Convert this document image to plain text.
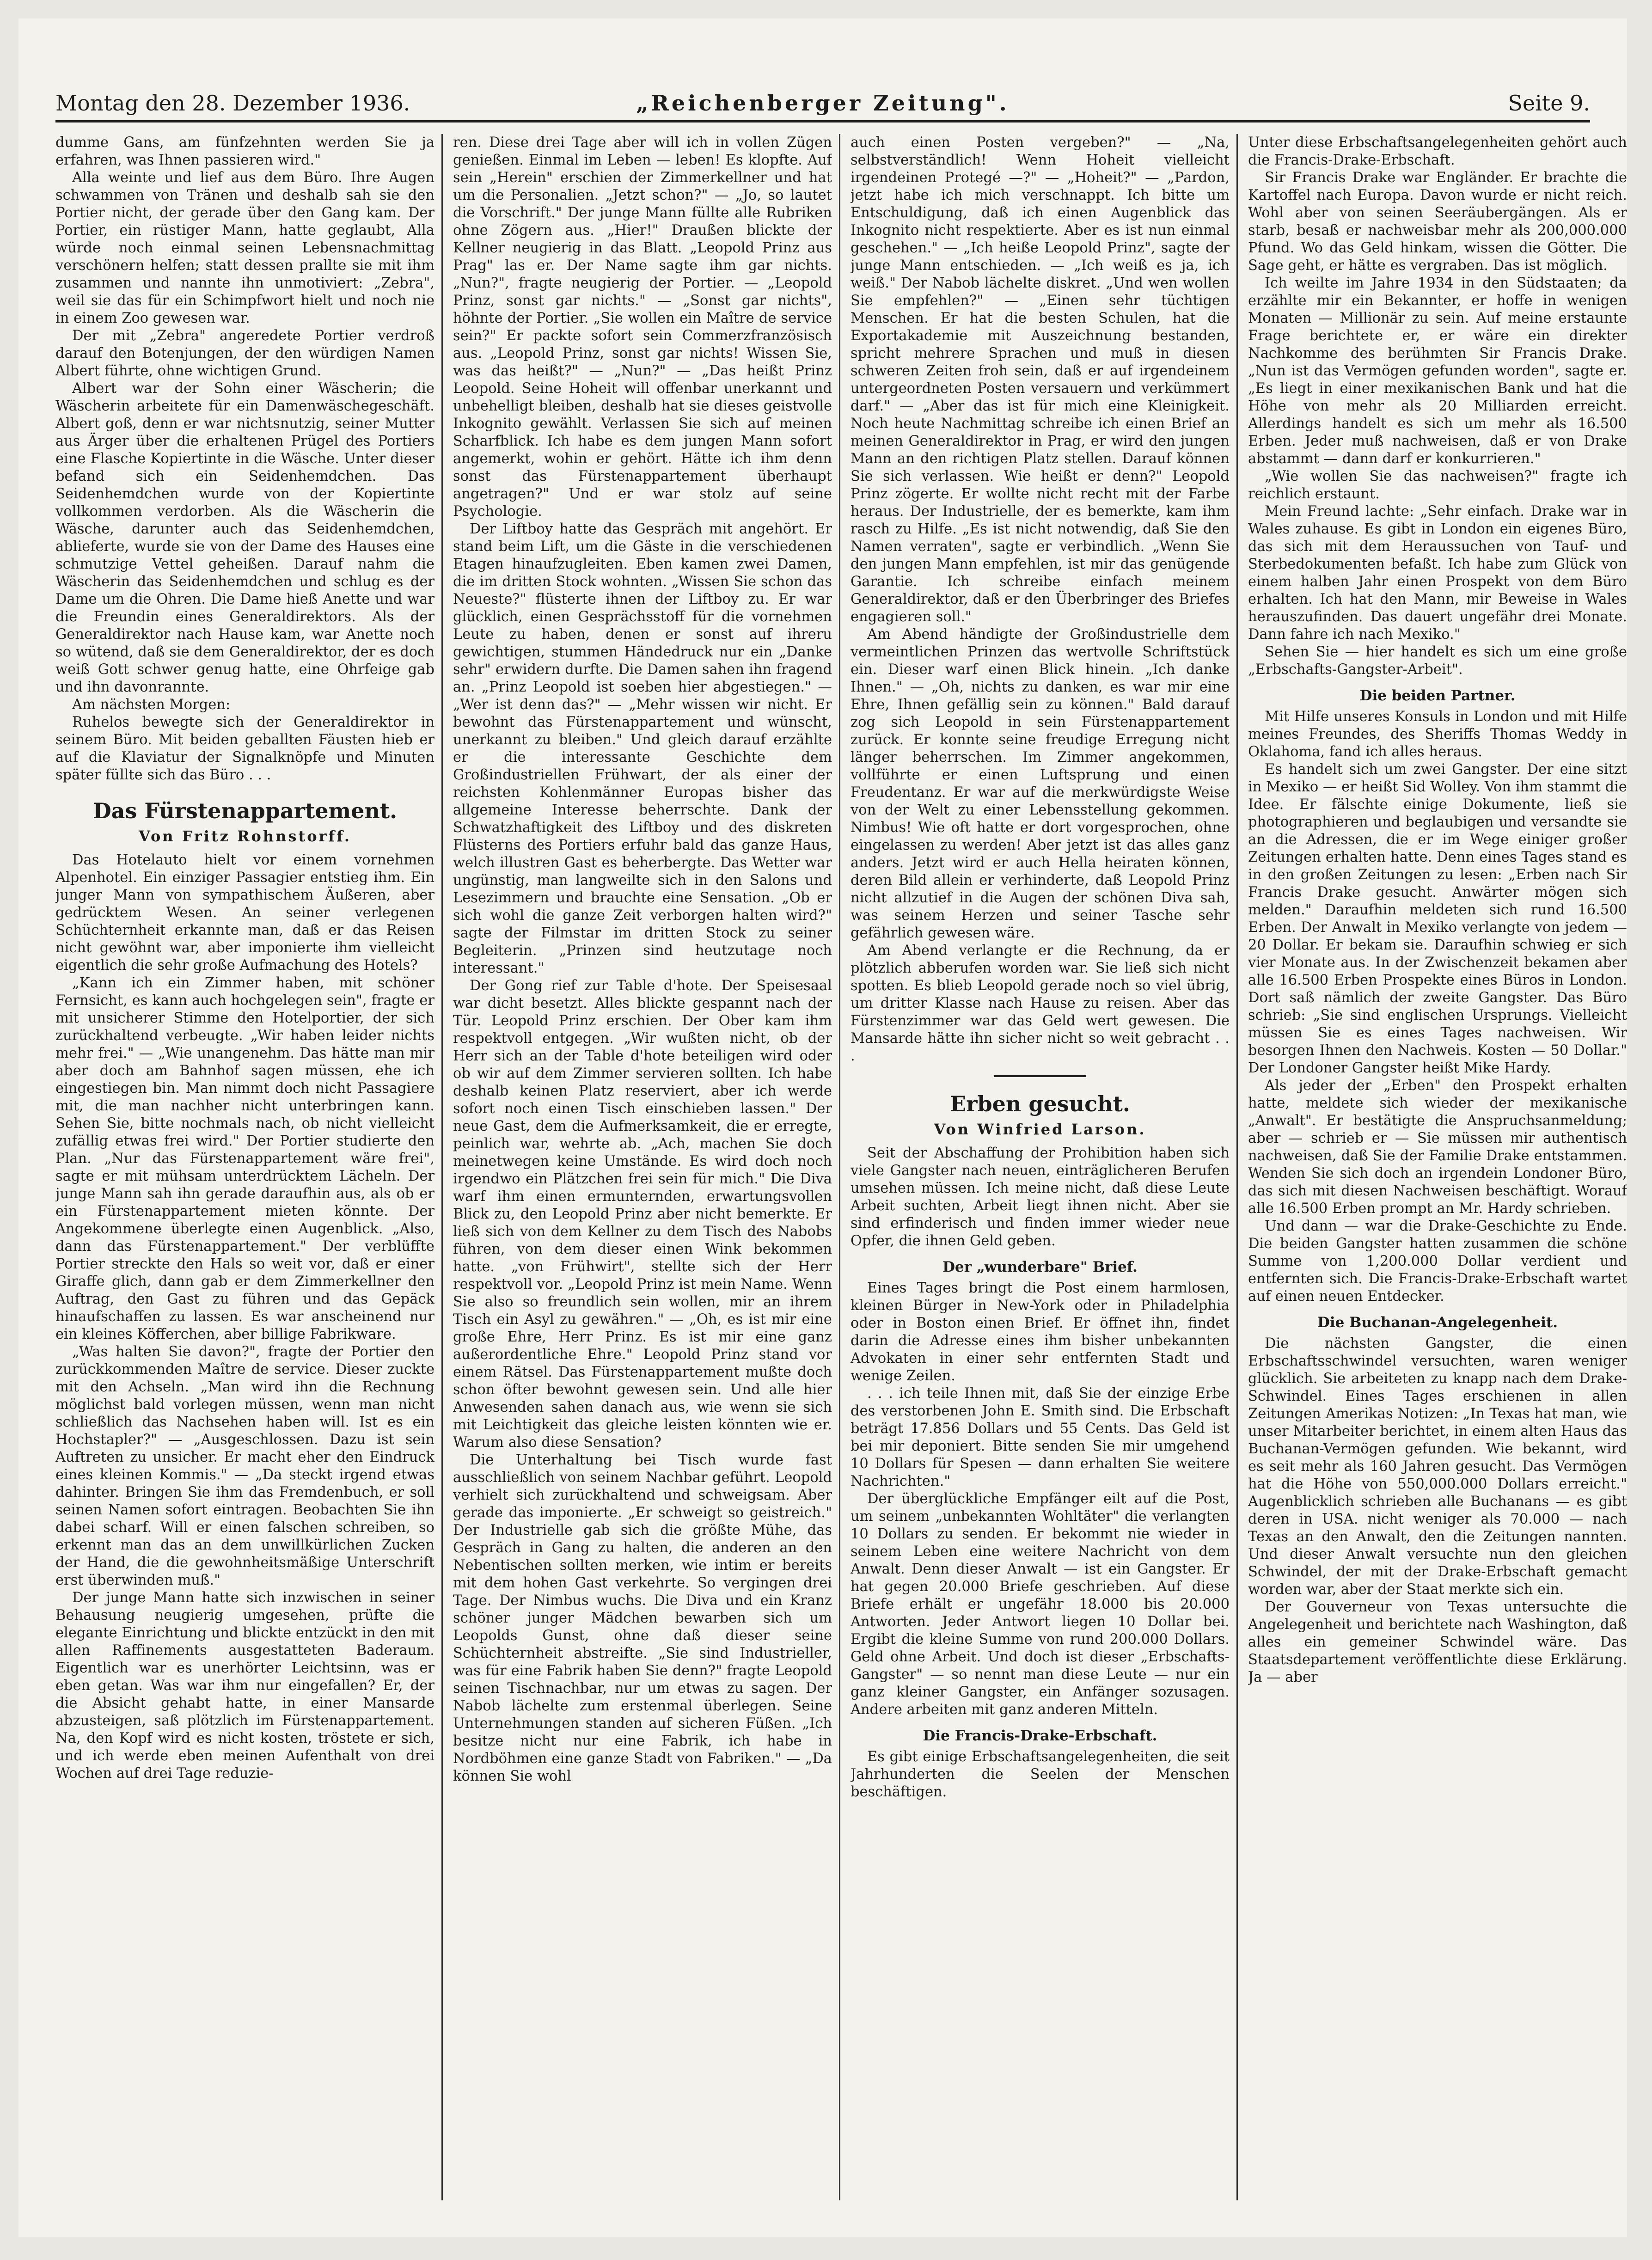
Montag den 28. Dezember 1936.	„Reichenberger Zeitung".	Seite 9.

dumme Gans, am fünfzehnten werden Sie ja erfahren, was Ihnen passieren wird."

Alla weinte und lief aus dem Büro. Ihre Augen schwammen von Tränen und deshalb sah sie den Portier nicht, der gerade über den Gang kam. Der Portier, ein rüstiger Mann, hatte geglaubt, Alla würde noch einmal seinen Lebensnachmittag verschönern helfen; statt dessen prallte sie mit ihm zusammen und nannte ihn unmotiviert: „Zebra", weil sie das für ein Schimpfwort hielt und noch nie in einem Zoo gewesen war.

Der mit „Zebra" angeredete Portier verdroß darauf den Botenjungen, der den würdigen Namen Albert führte, ohne wichtigen Grund.

Albert war der Sohn einer Wäscherin; die Wäscherin arbeitete für ein Damenwäschegeschäft. Albert goß, denn er war nichtsnutzig, seiner Mutter aus Ärger über die erhaltenen Prügel des Portiers eine Flasche Kopiertinte in die Wäsche. Unter dieser befand sich ein Seidenhemdchen. Das Seidenhemdchen wurde von der Kopiertinte vollkommen verdorben. Als die Wäscherin die Wäsche, darunter auch das Seidenhemdchen, ablieferte, wurde sie von der Dame des Hauses eine schmutzige Vettel geheißen. Darauf nahm die Wäscherin das Seidenhemdchen und schlug es der Dame um die Ohren. Die Dame hieß Anette und war die Freundin eines Generaldirektors. Als der Generaldirektor nach Hause kam, war Anette noch so wütend, daß sie dem Generaldirektor, der es doch weiß Gott schwer genug hatte, eine Ohrfeige gab und ihn davonrannte.

Am nächsten Morgen:

Ruhelos bewegte sich der Generaldirektor in seinem Büro. Mit beiden geballten Fäusten hieb er auf die Klaviatur der Signalknöpfe und Minuten später füllte sich das Büro . . .

Das Fürstenappartement.
Von Fritz Rohnstorff.

Das Hotelauto hielt vor einem vornehmen Alpenhotel. Ein einziger Passagier entstieg ihm. Ein junger Mann von sympathischem Äußeren, aber gedrücktem Wesen. An seiner verlegenen Schüchternheit erkannte man, daß er das Reisen nicht gewöhnt war, aber imponierte ihm vielleicht eigentlich die sehr große Aufmachung des Hotels?

„Kann ich ein Zimmer haben, mit schöner Fernsicht, es kann auch hochgelegen sein", fragte er mit unsicherer Stimme den Hotelportier, der sich zurückhaltend verbeugte. „Wir haben leider nichts mehr frei." — „Wie unangenehm. Das hätte man mir aber doch am Bahnhof sagen müssen, ehe ich eingestiegen bin. Man nimmt doch nicht Passagiere mit, die man nachher nicht unterbringen kann. Sehen Sie, bitte nochmals nach, ob nicht vielleicht zufällig etwas frei wird." Der Portier studierte den Plan. „Nur das Fürstenappartement wäre frei", sagte er mit mühsam unterdrücktem Lächeln. Der junge Mann sah ihn gerade daraufhin aus, als ob er ein Fürstenappartement mieten könnte. Der Angekommene überlegte einen Augenblick. „Also, dann das Fürstenappartement." Der verblüffte Portier streckte den Hals so weit vor, daß er einer Giraffe glich, dann gab er dem Zimmerkellner den Auftrag, den Gast zu führen und das Gepäck hinaufschaffen zu lassen. Es war anscheinend nur ein kleines Köfferchen, aber billige Fabrikware.

„Was halten Sie davon?", fragte der Portier den zurückkommenden Maître de service. Dieser zuckte mit den Achseln. „Man wird ihn die Rechnung möglichst bald vorlegen müssen, wenn man nicht schließlich das Nachsehen haben will. Ist es ein Hochstapler?" — „Ausgeschlossen. Dazu ist sein Auftreten zu unsicher. Er macht eher den Eindruck eines kleinen Kommis." — „Da steckt irgend etwas dahinter. Bringen Sie ihm das Fremdenbuch, er soll seinen Namen sofort eintragen. Beobachten Sie ihn dabei scharf. Will er einen falschen schreiben, so erkennt man das an dem unwillkürlichen Zucken der Hand, die die gewohnheitsmäßige Unterschrift erst überwinden muß."

Der junge Mann hatte sich inzwischen in seiner Behausung neugierig umgesehen, prüfte die elegante Einrichtung und blickte entzückt in den mit allen Raffinements ausgestatteten Baderaum. Eigentlich war es unerhörter Leichtsinn, was er eben getan. Was war ihm nur eingefallen? Er, der die Absicht gehabt hatte, in einer Mansarde abzusteigen, saß plötzlich im Fürstenappartement. Na, den Kopf wird es nicht kosten, tröstete er sich, und ich werde eben meinen Aufenthalt von drei Wochen auf drei Tage reduzie-

ren. Diese drei Tage aber will ich in vollen Zügen genießen. Einmal im Leben — leben! Es klopfte. Auf sein „Herein" erschien der Zimmerkellner und hat um die Personalien. „Jetzt schon?" — „Jo, so lautet die Vorschrift." Der junge Mann füllte alle Rubriken ohne Zögern aus. „Hier!" Draußen blickte der Kellner neugierig in das Blatt. „Leopold Prinz aus Prag" las er. Der Name sagte ihm gar nichts. „Nun?", fragte neugierig der Portier. — „Leopold Prinz, sonst gar nichts." — „Sonst gar nichts", höhnte der Portier. „Sie wollen ein Maître de service sein?" Er packte sofort sein Commerzfranzösisch aus. „Leopold Prinz, sonst gar nichts! Wissen Sie, was das heißt?" — „Nun?" — „Das heißt Prinz Leopold. Seine Hoheit will offenbar unerkannt und unbehelligt bleiben, deshalb hat sie dieses geistvolle Inkognito gewählt. Verlassen Sie sich auf meinen Scharfblick. Ich habe es dem jungen Mann sofort angemerkt, wohin er gehört. Hätte ich ihm denn sonst das Fürstenappartement überhaupt angetragen?" Und er war stolz auf seine Psychologie.

Der Liftboy hatte das Gespräch mit angehört. Er stand beim Lift, um die Gäste in die verschiedenen Etagen hinaufzugleiten. Eben kamen zwei Damen, die im dritten Stock wohnten. „Wissen Sie schon das Neueste?" flüsterte ihnen der Liftboy zu. Er war glücklich, einen Gesprächsstoff für die vornehmen Leute zu haben, denen er sonst auf ihreru gewichtigen, stummen Händedruck nur ein „Danke sehr" erwidern durfte. Die Damen sahen ihn fragend an. „Prinz Leopold ist soeben hier abgestiegen." — „Wer ist denn das?" — „Mehr wissen wir nicht. Er bewohnt das Fürstenappartement und wünscht, unerkannt zu bleiben." Und gleich darauf erzählte er die interessante Geschichte dem Großindustriellen Frühwart, der als einer der reichsten Kohlenmänner Europas bisher das allgemeine Interesse beherrschte. Dank der Schwatzhaftigkeit des Liftboy und des diskreten Flüsterns des Portiers erfuhr bald das ganze Haus, welch illustren Gast es beherbergte. Das Wetter war ungünstig, man langweilte sich in den Salons und Lesezimmern und brauchte eine Sensation. „Ob er sich wohl die ganze Zeit verborgen halten wird?" sagte der Filmstar im dritten Stock zu seiner Begleiterin. „Prinzen sind heutzutage noch interessant."

Der Gong rief zur Table d'hote. Der Speisesaal war dicht besetzt. Alles blickte gespannt nach der Tür. Leopold Prinz erschien. Der Ober kam ihm respektvoll entgegen. „Wir wußten nicht, ob der Herr sich an der Table d'hote beteiligen wird oder ob wir auf dem Zimmer servieren sollten. Ich habe deshalb keinen Platz reserviert, aber ich werde sofort noch einen Tisch einschieben lassen." Der neue Gast, dem die Aufmerksamkeit, die er erregte, peinlich war, wehrte ab. „Ach, machen Sie doch meinetwegen keine Umstände. Es wird doch noch irgendwo ein Plätzchen frei sein für mich." Die Diva warf ihm einen ermunternden, erwartungsvollen Blick zu, den Leopold Prinz aber nicht bemerkte. Er ließ sich von dem Kellner zu dem Tisch des Nabobs führen, von dem dieser einen Wink bekommen hatte. „von Frühwirt", stellte sich der Herr respektvoll vor. „Leopold Prinz ist mein Name. Wenn Sie also so freundlich sein wollen, mir an ihrem Tisch ein Asyl zu gewähren." — „Oh, es ist mir eine große Ehre, Herr Prinz. Es ist mir eine ganz außerordentliche Ehre." Leopold Prinz stand vor einem Rätsel. Das Fürstenappartement mußte doch schon öfter bewohnt gewesen sein. Und alle hier Anwesenden sahen danach aus, wie wenn sie sich mit Leichtigkeit das gleiche leisten könnten wie er. Warum also diese Sensation?

Die Unterhaltung bei Tisch wurde fast ausschließlich von seinem Nachbar geführt. Leopold verhielt sich zurückhaltend und schweigsam. Aber gerade das imponierte. „Er schweigt so geistreich." Der Industrielle gab sich die größte Mühe, das Gespräch in Gang zu halten, die anderen an den Nebentischen sollten merken, wie intim er bereits mit dem hohen Gast verkehrte. So vergingen drei Tage. Der Nimbus wuchs. Die Diva und ein Kranz schöner junger Mädchen bewarben sich um Leopolds Gunst, ohne daß dieser seine Schüchternheit abstreifte. „Sie sind Industrieller, was für eine Fabrik haben Sie denn?" fragte Leopold seinen Tischnachbar, nur um etwas zu sagen. Der Nabob lächelte zum erstenmal überlegen. Seine Unternehmungen standen auf sicheren Füßen. „Ich besitze nicht nur eine Fabrik, ich habe in Nordböhmen eine ganze Stadt von Fabriken." — „Da können Sie wohl

auch einen Posten vergeben?" — „Na, selbstverständlich! Wenn Hoheit vielleicht irgendeinen Protegé —?" — „Hoheit?" — „Pardon, jetzt habe ich mich verschnappt. Ich bitte um Entschuldigung, daß ich einen Augenblick das Inkognito nicht respektierte. Aber es ist nun einmal geschehen." — „Ich heiße Leopold Prinz", sagte der junge Mann entschieden. — „Ich weiß es ja, ich weiß." Der Nabob lächelte diskret. „Und wen wollen Sie empfehlen?" — „Einen sehr tüchtigen Menschen. Er hat die besten Schulen, hat die Exportakademie mit Auszeichnung bestanden, spricht mehrere Sprachen und muß in diesen schweren Zeiten froh sein, daß er auf irgendeinem untergeordneten Posten versauern und verkümmert darf." — „Aber das ist für mich eine Kleinigkeit. Noch heute Nachmittag schreibe ich einen Brief an meinen Generaldirektor in Prag, er wird den jungen Mann an den richtigen Platz stellen. Darauf können Sie sich verlassen. Wie heißt er denn?" Leopold Prinz zögerte. Er wollte nicht recht mit der Farbe heraus. Der Industrielle, der es bemerkte, kam ihm rasch zu Hilfe. „Es ist nicht notwendig, daß Sie den Namen verraten", sagte er verbindlich. „Wenn Sie den jungen Mann empfehlen, ist mir das genügende Garantie. Ich schreibe einfach meinem Generaldirektor, daß er den Überbringer des Briefes engagieren soll."

Am Abend händigte der Großindustrielle dem vermeintlichen Prinzen das wertvolle Schriftstück ein. Dieser warf einen Blick hinein. „Ich danke Ihnen." — „Oh, nichts zu danken, es war mir eine Ehre, Ihnen gefällig sein zu können." Bald darauf zog sich Leopold in sein Fürstenappartement zurück. Er konnte seine freudige Erregung nicht länger beherrschen. Im Zimmer angekommen, vollführte er einen Luftsprung und einen Freudentanz. Er war auf die merkwürdigste Weise von der Welt zu einer Lebensstellung gekommen. Nimbus! Wie oft hatte er dort vorgesprochen, ohne eingelassen zu werden! Aber jetzt ist das alles ganz anders. Jetzt wird er auch Hella heiraten können, deren Bild allein er verhinderte, daß Leopold Prinz nicht allzutief in die Augen der schönen Diva sah, was seinem Herzen und seiner Tasche sehr gefährlich gewesen wäre.

Am Abend verlangte er die Rechnung, da er plötzlich abberufen worden war. Sie ließ sich nicht spotten. Es blieb Leopold gerade noch so viel übrig, um dritter Klasse nach Hause zu reisen. Aber das Fürstenzimmer war das Geld wert gewesen. Die Mansarde hätte ihn sicher nicht so weit gebracht . . .

Erben gesucht.
Von Winfried Larson.

Seit der Abschaffung der Prohibition haben sich viele Gangster nach neuen, einträglicheren Berufen umsehen müssen. Ich meine nicht, daß diese Leute Arbeit suchten, Arbeit liegt ihnen nicht. Aber sie sind erfinderisch und finden immer wieder neue Opfer, die ihnen Geld geben.

Der „wunderbare" Brief.

Eines Tages bringt die Post einem harmlosen, kleinen Bürger in New-York oder in Philadelphia oder in Boston einen Brief. Er öffnet ihn, findet darin die Adresse eines ihm bisher unbekannten Advokaten in einer sehr entfernten Stadt und wenige Zeilen.

. . . ich teile Ihnen mit, daß Sie der einzige Erbe des verstorbenen John E. Smith sind. Die Erbschaft beträgt 17.856 Dollars und 55 Cents. Das Geld ist bei mir deponiert. Bitte senden Sie mir umgehend 10 Dollars für Spesen — dann erhalten Sie weitere Nachrichten."

Der überglückliche Empfänger eilt auf die Post, um seinem „unbekannten Wohltäter" die verlangten 10 Dollars zu senden. Er bekommt nie wieder in seinem Leben eine weitere Nachricht von dem Anwalt. Denn dieser Anwalt — ist ein Gangster. Er hat gegen 20.000 Briefe geschrieben. Auf diese Briefe erhält er ungefähr 18.000 bis 20.000 Antworten. Jeder Antwort liegen 10 Dollar bei. Ergibt die kleine Summe von rund 200.000 Dollars. Geld ohne Arbeit. Und doch ist dieser „Erbschafts-Gangster" — so nennt man diese Leute — nur ein ganz kleiner Gangster, ein Anfänger sozusagen. Andere arbeiten mit ganz anderen Mitteln.

Die Francis-Drake-Erbschaft.

Es gibt einige Erbschaftsangelegenheiten, die seit Jahrhunderten die Seelen der Menschen beschäftigen.

Unter diese Erbschaftsangelegenheiten gehört auch die Francis-Drake-Erbschaft.

Sir Francis Drake war Engländer. Er brachte die Kartoffel nach Europa. Davon wurde er nicht reich. Wohl aber von seinen Seeräubergängen. Als er starb, besaß er nachweisbar mehr als 200,000.000 Pfund. Wo das Geld hinkam, wissen die Götter. Die Sage geht, er hätte es vergraben. Das ist möglich.

Ich weilte im Jahre 1934 in den Südstaaten; da erzählte mir ein Bekannter, er hoffe in wenigen Monaten — Millionär zu sein. Auf meine erstaunte Frage berichtete er, er wäre ein direkter Nachkomme des berühmten Sir Francis Drake. „Nun ist das Vermögen gefunden worden", sagte er. „Es liegt in einer mexikanischen Bank und hat die Höhe von mehr als 20 Milliarden erreicht. Allerdings handelt es sich um mehr als 16.500 Erben. Jeder muß nachweisen, daß er von Drake abstammt — dann darf er konkurrieren."

„Wie wollen Sie das nachweisen?" fragte ich reichlich erstaunt.

Mein Freund lachte: „Sehr einfach. Drake war in Wales zuhause. Es gibt in London ein eigenes Büro, das sich mit dem Heraussuchen von Tauf- und Sterbedokumenten befaßt. Ich habe zum Glück von einem halben Jahr einen Prospekt von dem Büro erhalten. Ich hat den Mann, mir Beweise in Wales herauszufinden. Das dauert ungefähr drei Monate. Dann fahre ich nach Mexiko."

Sehen Sie — hier handelt es sich um eine große „Erbschafts-Gangster-Arbeit".

Die beiden Partner.

Mit Hilfe unseres Konsuls in London und mit Hilfe meines Freundes, des Sheriffs Thomas Weddy in Oklahoma, fand ich alles heraus.

Es handelt sich um zwei Gangster. Der eine sitzt in Mexiko — er heißt Sid Wolley. Von ihm stammt die Idee. Er fälschte einige Dokumente, ließ sie photographieren und beglaubigen und versandte sie an die Adressen, die er im Wege einiger großer Zeitungen erhalten hatte. Denn eines Tages stand es in den großen Zeitungen zu lesen: „Erben nach Sir Francis Drake gesucht. Anwärter mögen sich melden." Daraufhin meldeten sich rund 16.500 Erben. Der Anwalt in Mexiko verlangte von jedem — 20 Dollar. Er bekam sie. Daraufhin schwieg er sich vier Monate aus. In der Zwischenzeit bekamen aber alle 16.500 Erben Prospekte eines Büros in London. Dort saß nämlich der zweite Gangster. Das Büro schrieb: „Sie sind englischen Ursprungs. Vielleicht müssen Sie es eines Tages nachweisen. Wir besorgen Ihnen den Nachweis. Kosten — 50 Dollar." Der Londoner Gangster heißt Mike Hardy.

Als jeder der „Erben" den Prospekt erhalten hatte, meldete sich wieder der mexikanische „Anwalt". Er bestätigte die Anspruchsanmeldung; aber — schrieb er — Sie müssen mir authentisch nachweisen, daß Sie der Familie Drake entstammen. Wenden Sie sich doch an irgendein Londoner Büro, das sich mit diesen Nachweisen beschäftigt. Worauf alle 16.500 Erben prompt an Mr. Hardy schrieben.

Und dann — war die Drake-Geschichte zu Ende. Die beiden Gangster hatten zusammen die schöne Summe von 1,200.000 Dollar verdient und entfernten sich. Die Francis-Drake-Erbschaft wartet auf einen neuen Entdecker.

Die Buchanan-Angelegenheit.

Die nächsten Gangster, die einen Erbschaftsschwindel versuchten, waren weniger glücklich. Sie arbeiteten zu knapp nach dem Drake-Schwindel. Eines Tages erschienen in allen Zeitungen Amerikas Notizen: „In Texas hat man, wie unser Mitarbeiter berichtet, in einem alten Haus das Buchanan-Vermögen gefunden. Wie bekannt, wird es seit mehr als 160 Jahren gesucht. Das Vermögen hat die Höhe von 550,000.000 Dollars erreicht." Augenblicklich schrieben alle Buchanans — es gibt deren in USA. nicht weniger als 70.000 — nach Texas an den Anwalt, den die Zeitungen nannten. Und dieser Anwalt versuchte nun den gleichen Schwindel, der mit der Drake-Erbschaft gemacht worden war, aber der Staat merkte sich ein.

Der Gouverneur von Texas untersuchte die Angelegenheit und berichtete nach Washington, daß alles ein gemeiner Schwindel wäre. Das Staatsdepartement veröffentlichte diese Erklärung. Ja — aber
